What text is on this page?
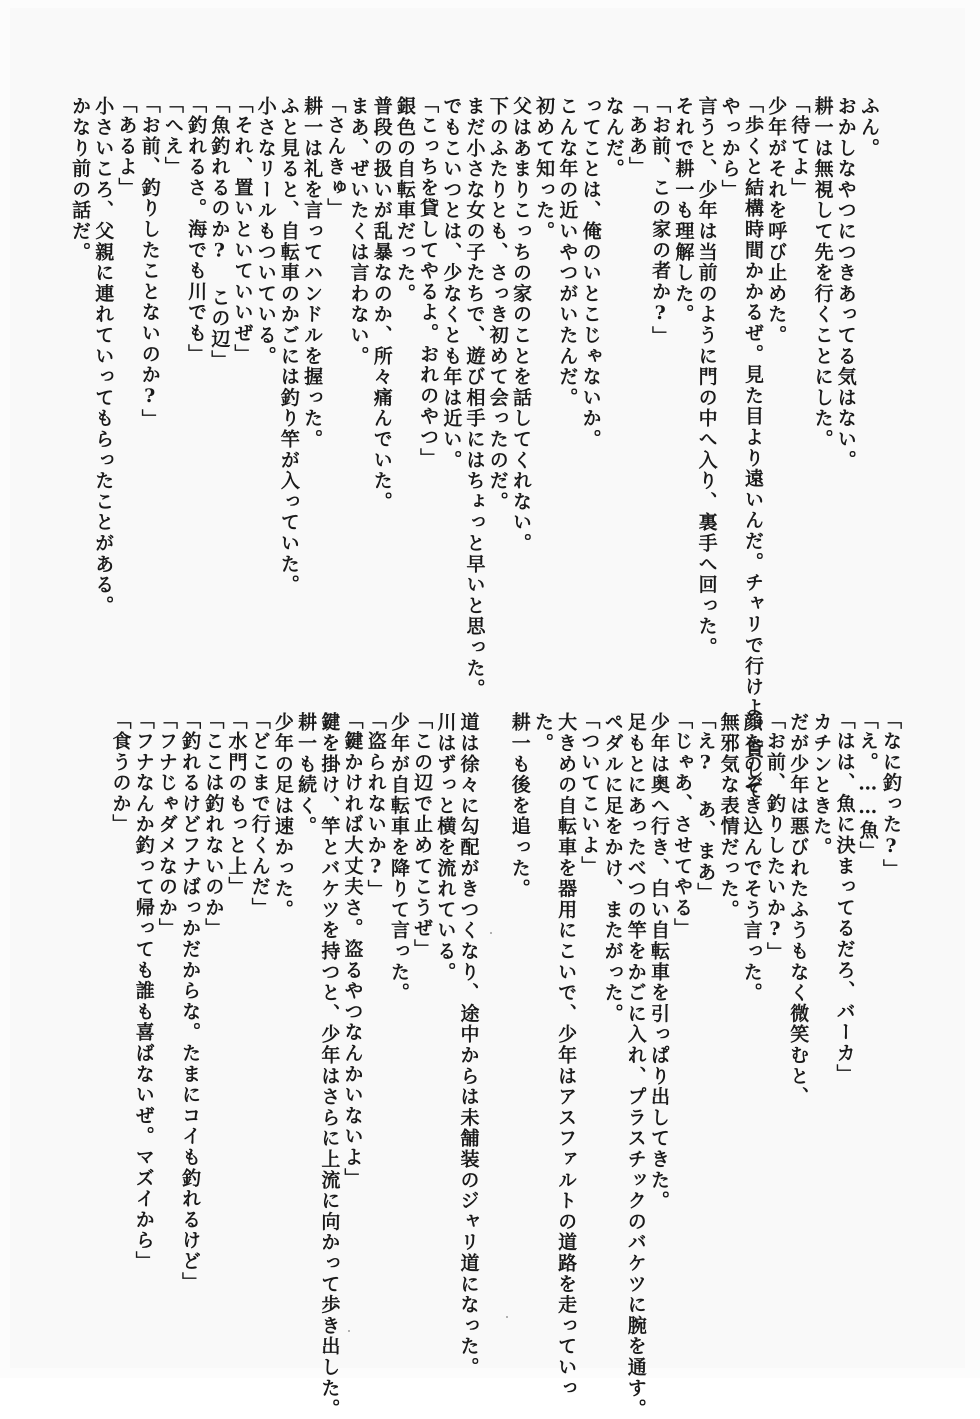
ふん。
おかしなやつにつきあってる気はない。
耕一は無視して先を行くことにした。
「待てよ」
少年がそれを呼び止めた。
「歩くと結構時間かかるぜ。見た目より遠いんだ。チャリで行けよ。貸して
やっから」
言うと、少年は当前のように門の中へ入り、裏手へ回った。
それで耕一も理解した。
「お前、この家の者か?」
「ああ」
なんだ。
ってことは、俺のいとこじゃないか。
こんな年の近いやつがいたんだ。
初めて知った。
父はあまりこっちの家のことを話してくれない。
下のふたりとも、さっき初めて会ったのだ。
まだ小さな女の子たちで、遊び相手にはちょっと早いと思った。
でもこいつとは、少なくとも年は近い。
「こっちを貸してやるよ。おれのやつ」
銀色の自転車だった。
普段の扱いが乱暴なのか、所々痛んでいた。
まあ、ぜいたくは言わない。
「さんきゅ」
耕一は礼を言ってハンドルを握った。
ふと見ると、自転車のかごには釣り竿が入っていた。
小さなリールもついている。
「それ、置いといていいぜ」
「魚釣れるのか? この辺」
「釣れるさ。海でも川でも」
「へえ」
「お前、釣りしたことないのか?」
「あるよ」
小さいころ、父親に連れていってもらったことがある。
かなり前の話だ。
「なに釣った?」
「え。……魚」
「はは、魚に決まってるだろ、バーカ」
カチンときた。
だが少年は悪びれたふうもなく微笑むと、
「お前、釣りしたいか?」
顔をのぞき込んでそう言った。
無邪気な表情だった。
「え? あ、まあ」
「じゃあ、させてやる」
少年は奥へ行き、白い自転車を引っぱり出してきた。
足もとにあったべつの竿をかごに入れ、プラスチックのバケツに腕を通す。
ペダルに足をかけ、またがった。
「ついてこいよ」
大きめの自転車を器用にこいで、少年はアスファルトの道路を走っていっ
た。
耕一も後を追った。
道は徐々に勾配がきつくなり、途中からは未舗装のジャリ道になった。
川はずっと横を流れている。
「この辺で止めてこうぜ」
少年が自転車を降りて言った。
「盗られないか?」
「鍵かければ大丈夫さ。盗るやつなんかいないよ」
鍵を掛け、竿とバケツを持つと、少年はさらに上流に向かって歩き出した。
耕一も続く。
少年の足は速かった。
「どこまで行くんだ」
「水門のもっと上」
「ここは釣れないのか」
「釣れるけどフナばっかだからな。たまにコイも釣れるけど」
「フナじゃダメなのか」
「フナなんか釣って帰っても誰も喜ばないぜ。マズイから」
「食うのか」
